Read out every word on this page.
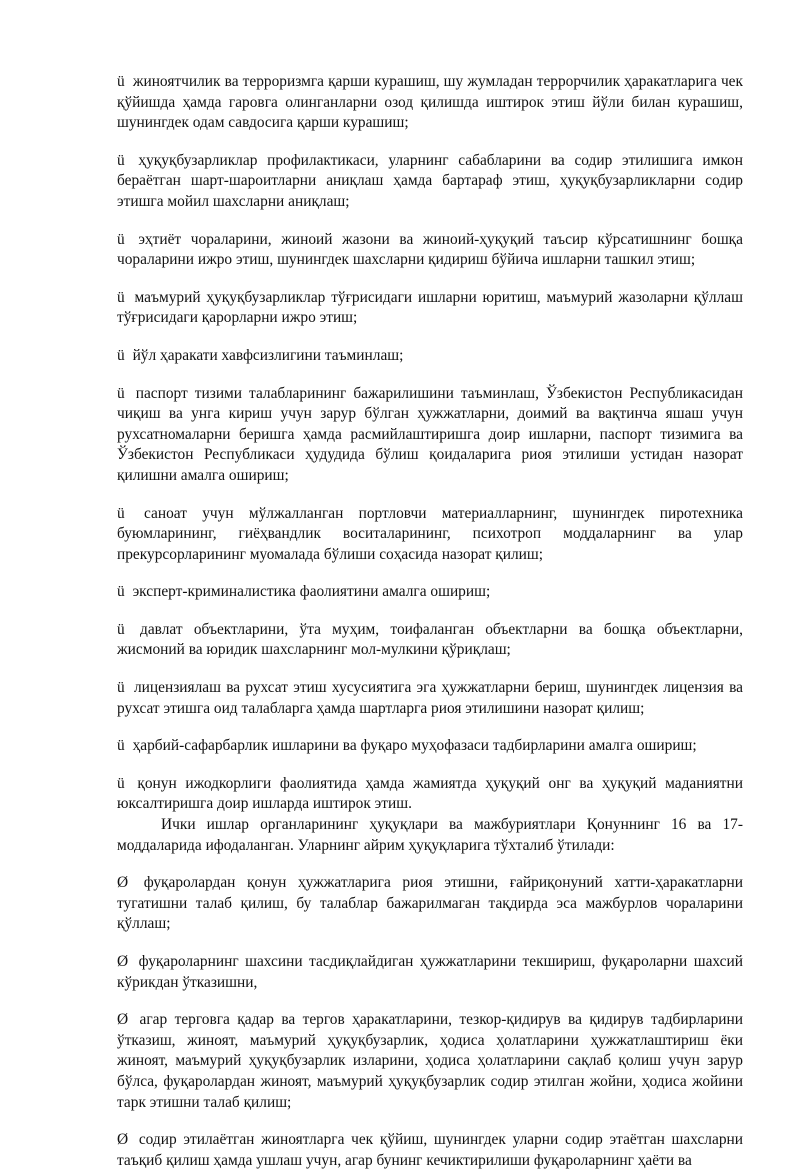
ü жиноятчилик ва терроризмга қарши курашиш, шу жумладан террорчилик ҳаракатларига чек қўйишда ҳамда гаровга олинганларни озод қилишда иштирок этиш йўли билан курашиш, шунингдек одам савдосига қарши курашиш;

ü ҳуқуқбузарликлар профилактикаси, уларнинг сабабларини ва содир этилишига имкон бераётган шарт-шароитларни аниқлаш ҳамда бартараф этиш, ҳуқуқбузарликларни содир этишга мойил шахсларни аниқлаш;

ü эҳтиёт чораларини, жиноий жазони ва жиноий-ҳуқуқий таъсир кўрсатишнинг бошқа чораларини ижро этиш, шунингдек шахсларни қидириш бўйича ишларни ташкил этиш;

ü маъмурий ҳуқуқбузарликлар тўғрисидаги ишларни юритиш, маъмурий жазоларни қўллаш тўғрисидаги қарорларни ижро этиш;

ü йўл ҳаракати хавфсизлигини таъминлаш;

ü паспорт тизими талабларининг бажарилишини таъминлаш, Ўзбекистон Республикасидан чиқиш ва унга кириш учун зарур бўлган ҳужжатларни, доимий ва вақтинча яшаш учун рухсатномаларни беришга ҳамда расмийлаштиришга доир ишларни, паспорт тизимига ва Ўзбекистон Республикаси ҳудудида бўлиш қоидаларига риоя этилиши устидан назорат қилишни амалга ошириш;

ü саноат учун мўлжалланган портловчи материалларнинг, шунингдек пиротехника буюмларининг, гиёҳвандлик воситаларининг, психотроп моддаларнинг ва улар прекурсорларининг муомалада бўлиши соҳасида назорат қилиш;

ü эксперт-криминалистика фаолиятини амалга ошириш;

ü давлат объектларини, ўта муҳим, тоифаланган объектларни ва бошқа объектларни, жисмоний ва юридик шахсларнинг мол-мулкини қўриқлаш;

ü лицензиялаш ва рухсат этиш хусусиятига эга ҳужжатларни бериш, шунингдек лицензия ва рухсат этишга оид талабларга ҳамда шартларга риоя этилишини назорат қилиш;

ü ҳарбий-сафарбарлик ишларини ва фуқаро муҳофазаси тадбирларини амалга ошириш;

ü қонун ижодкорлиги фаолиятида ҳамда жамиятда ҳуқуқий онг ва ҳуқуқий маданиятни юксалтиришга доир ишларда иштирок этиш.

Ички ишлар органларининг ҳуқуқлари ва мажбуриятлари Қонуннинг 16 ва 17-моддаларида ифодаланган. Уларнинг айрим ҳуқуқларига тўхталиб ўтилади:

Ø фуқаролардан қонун ҳужжатларига риоя этишни, ғайриқонуний хатти-ҳаракатларни тугатишни талаб қилиш, бу талаблар бажарилмаган тақдирда эса мажбурлов чораларини қўллаш;

Ø фуқароларнинг шахсини тасдиқлайдиган ҳужжатларини текшириш, фуқароларни шахсий кўрикдан ўтказишни,

Ø агар терговга қадар ва тергов ҳаракатларини, тезкор-қидирув ва қидирув тадбирларини ўтказиш, жиноят, маъмурий ҳуқуқбузарлик, ҳодиса ҳолатларини ҳужжатлаштириш ёки жиноят, маъмурий ҳуқуқбузарлик изларини, ҳодиса ҳолатларини сақлаб қолиш учун зарур бўлса, фуқаролардан жиноят, маъмурий ҳуқуқбузарлик содир этилган жойни, ҳодиса жойини тарк этишни талаб қилиш;

Ø содир этилаётган жиноятларга чек қўйиш, шунингдек уларни содир этаётган шахсларни таъқиб қилиш ҳамда ушлаш учун, агар бунинг кечиктирилиши фуқароларнинг ҳаёти ва
